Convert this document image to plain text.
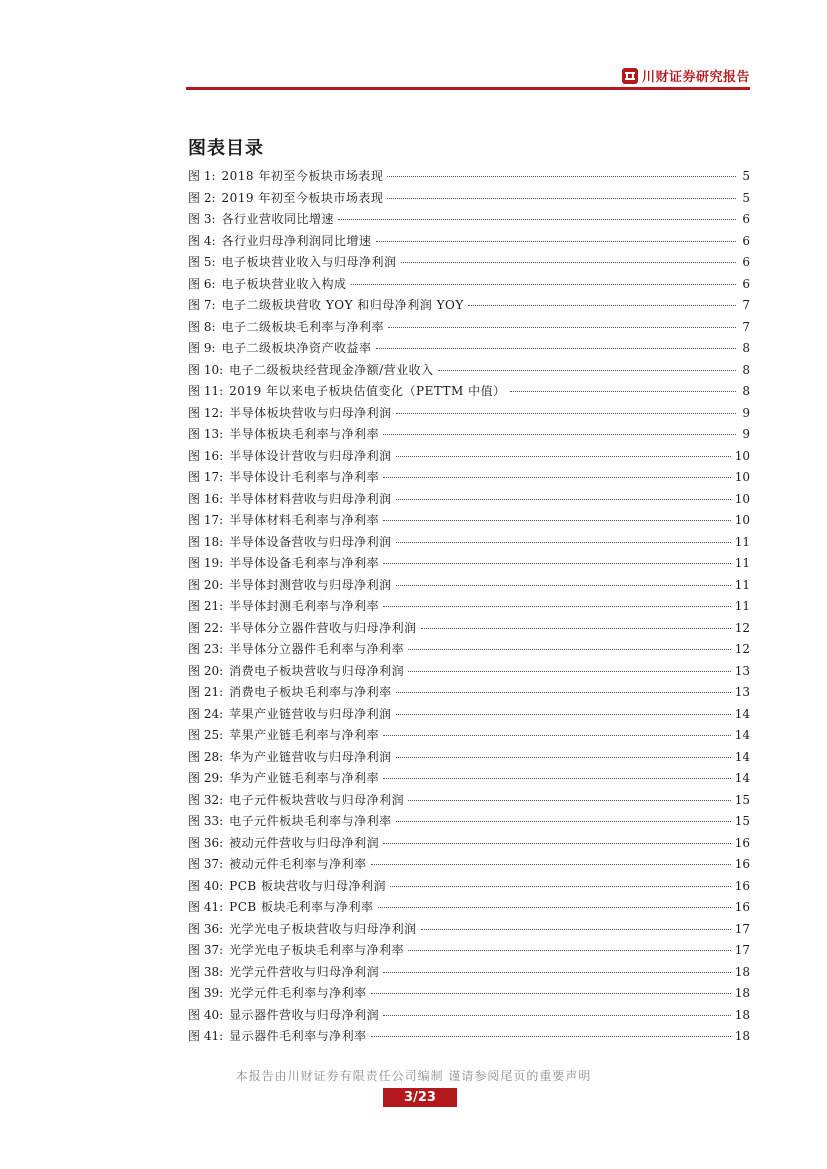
川财证券研究报告
图表目录
图 1: 2018 年初至今板块市场表现	5
图 2: 2019 年初至今板块市场表现	5
图 3: 各行业营收同比增速	6
图 4: 各行业归母净利润同比增速	6
图 5: 电子板块营业收入与归母净利润	6
图 6: 电子板块营业收入构成	6
图 7: 电子二级板块营收 YOY 和归母净利润 YOY	7
图 8: 电子二级板块毛利率与净利率	7
图 9: 电子二级板块净资产收益率	8
图 10: 电子二级板块经营现金净额/营业收入	8
图 11: 2019 年以来电子板块估值变化（PETTM 中值）	8
图 12: 半导体板块营收与归母净利润	9
图 13: 半导体板块毛利率与净利率	9
图 16: 半导体设计营收与归母净利润	10
图 17: 半导体设计毛利率与净利率	10
图 16: 半导体材料营收与归母净利润	10
图 17: 半导体材料毛利率与净利率	10
图 18: 半导体设备营收与归母净利润	11
图 19: 半导体设备毛利率与净利率	11
图 20: 半导体封测营收与归母净利润	11
图 21: 半导体封测毛利率与净利率	11
图 22: 半导体分立器件营收与归母净利润	12
图 23: 半导体分立器件毛利率与净利率	12
图 20: 消费电子板块营收与归母净利润	13
图 21: 消费电子板块毛利率与净利率	13
图 24: 苹果产业链营收与归母净利润	14
图 25: 苹果产业链毛利率与净利率	14
图 28: 华为产业链营收与归母净利润	14
图 29: 华为产业链毛利率与净利率	14
图 32: 电子元件板块营收与归母净利润	15
图 33: 电子元件板块毛利率与净利率	15
图 36: 被动元件营收与归母净利润	16
图 37: 被动元件毛利率与净利率	16
图 40: PCB 板块营收与归母净利润	16
图 41: PCB 板块毛利率与净利率	16
图 36: 光学光电子板块营收与归母净利润	17
图 37: 光学光电子板块毛利率与净利率	17
图 38: 光学元件营收与归母净利润	18
图 39: 光学元件毛利率与净利率	18
图 40: 显示器件营收与归母净利润	18
图 41: 显示器件毛利率与净利率	18
本报告由川财证券有限责任公司编制 谨请参阅尾页的重要声明
3/23
